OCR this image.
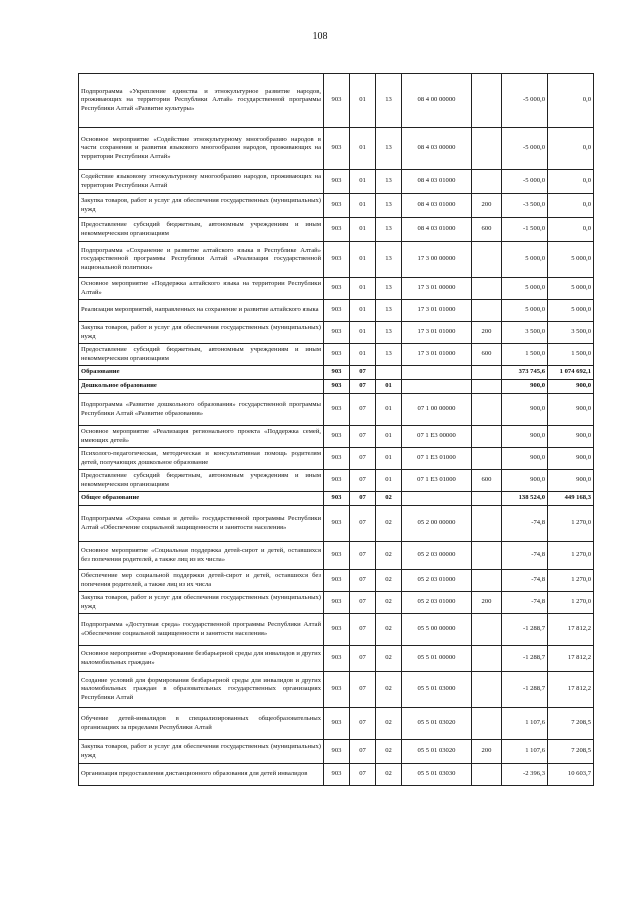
108
Подпрограмма «Укрепление единства и этнокультурное развитие народов, проживающих на территории Республики Алтай» государственной программы Республики Алтай «Развитие культуры»	903	01	13	08 4 00 00000		-5 000,0	0,0
Основное мероприятие «Содействие этнокультурному многообразию народов в части сохранения и развития языкового многообразия народов, проживающих на территории Республики Алтай»	903	01	13	08 4 03 00000		-5 000,0	0,0
Содействие языковому этнокультурному многообразию народов, проживающих на территории Республики Алтай	903	01	13	08 4 03 01000		-5 000,0	0,0
Закупка товаров, работ и услуг для обеспечения государственных (муниципальных) нужд	903	01	13	08 4 03 01000	200	-3 500,0	0,0
Предоставление субсидий бюджетным, автономным учреждениям и иным некоммерческим организациям	903	01	13	08 4 03 01000	600	-1 500,0	0,0
Подпрограмма «Сохранение и развитие алтайского языка в Республике Алтай» государственной программы Республики Алтай «Реализация государственной национальной политики»	903	01	13	17 3 00 00000		5 000,0	5 000,0
Основное мероприятие «Поддержка алтайского языка на территории Республики Алтай»	903	01	13	17 3 01 00000		5 000,0	5 000,0
Реализация мероприятий, направленных на сохранение и развитие алтайского языка	903	01	13	17 3 01 01000		5 000,0	5 000,0
Закупка товаров, работ и услуг для обеспечения государственных (муниципальных) нужд	903	01	13	17 3 01 01000	200	3 500,0	3 500,0
Предоставление субсидий бюджетным, автономным учреждениям и иным некоммерческим организациям	903	01	13	17 3 01 01000	600	1 500,0	1 500,0
Образование	903	07				373 745,6	1 074 692,1
Дошкольное образование	903	07	01			900,0	900,0
Подпрограмма «Развитие дошкольного образования» государственной программы Республики Алтай «Развитие образования»	903	07	01	07 1 00 00000		900,0	900,0
Основное мероприятие «Реализация регионального проекта «Поддержка семей, имеющих детей»	903	07	01	07 1 E3 00000		900,0	900,0
Психолого-педагогическая, методическая и консультативная помощь родителям детей, получающих дошкольное образование	903	07	01	07 1 E3 01000		900,0	900,0
Предоставление субсидий бюджетным, автономным учреждениям и иным некоммерческим организациям	903	07	01	07 1 E3 01000	600	900,0	900,0
Общее образование	903	07	02			138 524,0	449 168,3
Подпрограмма «Охрана семьи и детей» государственной программы Республики Алтай «Обеспечение социальной защищенности и занятости населения»	903	07	02	05 2 00 00000		-74,8	1 270,0
Основное мероприятие «Социальная поддержка детей-сирот и детей, оставшихся без попечения родителей, а также лиц из их числа»	903	07	02	05 2 03 00000		-74,8	1 270,0
Обеспечение мер социальной поддержки детей-сирот и детей, оставшихся без попечения родителей, а также лиц из их числа	903	07	02	05 2 03 01000		-74,8	1 270,0
Закупка товаров, работ и услуг для обеспечения государственных (муниципальных) нужд	903	07	02	05 2 03 01000	200	-74,8	1 270,0
Подпрограмма «Доступная среда» государственной программы Республики Алтай «Обеспечение социальной защищенности и занятости населения»	903	07	02	05 5 00 00000		-1 288,7	17 812,2
Основное мероприятие «Формирование безбарьерной среды для инвалидов и других маломобильных граждан»	903	07	02	05 5 01 00000		-1 288,7	17 812,2
Создание условий для формирования безбарьерной среды для инвалидов и других маломобильных граждан в образовательных государственных организациях Республики Алтай	903	07	02	05 5 01 03000		-1 288,7	17 812,2
Обучение детей-инвалидов в специализированных общеобразовательных организациях за пределами Республики Алтай	903	07	02	05 5 01 03020		1 107,6	7 208,5
Закупка товаров, работ и услуг для обеспечения государственных (муниципальных) нужд	903	07	02	05 5 01 03020	200	1 107,6	7 208,5
Организация предоставления дистанционного образования для детей инвалидов	903	07	02	05 5 01 03030		-2 396,3	10 603,7
